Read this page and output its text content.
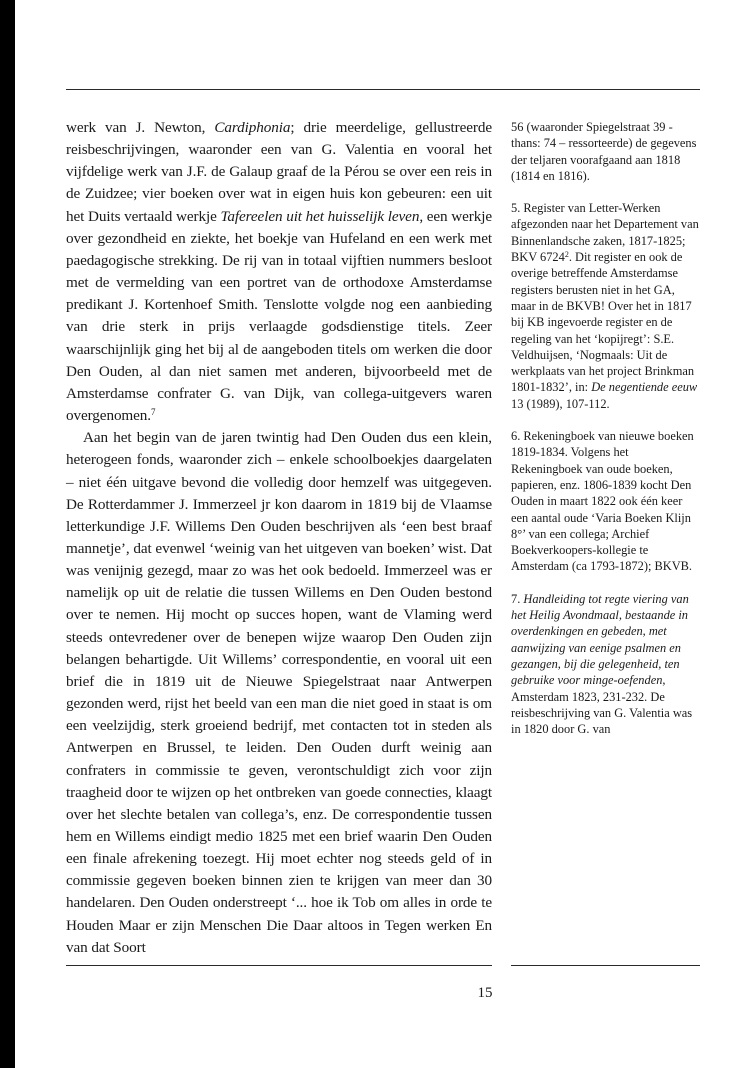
werk van J. Newton, Cardiphonia; drie meerdelige, gellustreerde reisbeschrijvingen, waaronder een van G. Valentia en vooral het vijfdelige werk van J.F. de Galaup graaf de la Pérou se over een reis in de Zuidzee; vier boeken over wat in eigen huis kon gebeuren: een uit het Duits vertaald werkje Tafereelen uit het huisselijk leven, een werkje over gezondheid en ziekte, het boekje van Hufeland en een werk met paedagogische strekking. De rij van in totaal vijftien nummers besloot met de vermelding van een portret van de orthodoxe Amsterdamse predikant J. Kortenhoef Smith. Tenslotte volgde nog een aanbieding van drie sterk in prijs verlaagde godsdienstige titels. Zeer waarschijnlijk ging het bij al de aangeboden titels om werken die door Den Ouden, al dan niet samen met anderen, bijvoorbeeld met de Amsterdamse confrater G. van Dijk, van collega-uitgevers waren overgenomen.$^7$

Aan het begin van de jaren twintig had Den Ouden dus een klein, heterogeen fonds, waaronder zich – enkele schoolboekjes daargelaten – niet één uitgave bevond die volledig door hemzelf was uitgegeven. De Rotterdammer J. Immerzeel jr kon daarom in 1819 bij de Vlaamse letterkundige J.F. Willems Den Ouden beschrijven als ‘een best braaf mannetje’, dat evenwel ‘weinig van het uitgeven van boeken’ wist. Dat was venijnig gezegd, maar zo was het ook bedoeld. Immerzeel was er namelijk op uit de relatie die tussen Willems en Den Ouden bestond over te nemen. Hij mocht op succes hopen, want de Vlaming werd steeds ontevredener over de benepen wijze waarop Den Ouden zijn belangen behartigde. Uit Willems’ correspondentie, en vooral uit een brief die in 1819 uit de Nieuwe Spiegelstraat naar Antwerpen gezonden werd, rijst het beeld van een man die niet goed in staat is om een veelzijdig, sterk groeiend bedrijf, met contacten tot in steden als Antwerpen en Brussel, te leiden. Den Ouden durft weinig aan confraters in commissie te geven, verontschuldigt zich voor zijn traagheid door te wijzen op het ontbreken van goede connecties, klaagt over het slechte betalen van collega’s, enz. De correspondentie tussen hem en Willems eindigt medio 1825 met een brief waarin Den Ouden een finale afrekening toezegt. Hij moet echter nog steeds geld of in commissie gegeven boeken binnen zien te krijgen van meer dan 30 handelaren. Den Ouden onderstreept ‘... hoe ik Tob om alles in orde te Houden Maar er zijn Menschen Die Daar altoos in Tegen werken En van dat Soort

56 (waaronder Spiegelstraat 39 -thans: 74 – ressorteerde) de gegevens der teljaren voorafgaand aan 1818 (1814 en 1816).

5. Register van Letter-Werken afgezonden naar het Departement van Binnenlandsche zaken, 1817-1825; BKV 6724$^2$. Dit register en ook de overige betreffende Amsterdamse registers berusten niet in het GA, maar in de BKVB! Over het in 1817 bij KB ingevoerde register en de regeling van het ‘kopijregt’: S.E. Veldhuijsen, ‘Nogmaals: Uit de werkplaats van het project Brinkman 1801-1832’, in: De negentiende eeuw 13 (1989), 107-112.

6. Rekeningboek van nieuwe boeken 1819-1834. Volgens het Rekeningboek van oude boeken, papieren, enz. 1806-1839 kocht Den Ouden in maart 1822 ook één keer een aantal oude ‘Varia Boeken Klijn 8°’ van een collega; Archief Boekverkoopers-kollegie te Amsterdam (ca 1793-1872); BKVB.

7. Handleiding tot regte viering van het Heilig Avondmaal, bestaande in overdenkingen en gebeden, met aanwijzing van eenige psalmen en gezangen, bij die gelegenheid, ten gebruike voor minge-oefenden, Amsterdam 1823, 231-232. De reisbeschrijving van G. Valentia was in 1820 door G. van

15
